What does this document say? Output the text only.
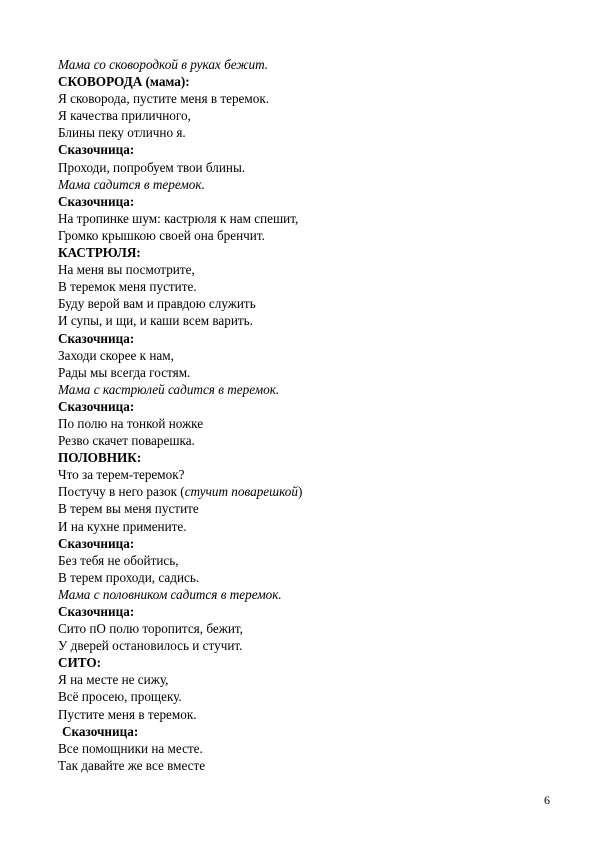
Мама со сковородкой в руках бежит.
СКОВОРОДА (мама):
Я сковорода, пустите меня в теремок.
Я качества приличного,
Блины пеку отлично я.
Сказочница:
Проходи, попробуем твои блины.
Мама садится в теремок.
Сказочница:
На тропинке шум: кастрюля к нам спешит,
Громко крышкою своей она бренчит.
КАСТРЮЛЯ:
На меня вы посмотрите,
В теремок меня пустите.
Буду верой вам и правдою служить
И супы, и щи, и каши всем варить.
Сказочница:
Заходи скорее к нам,
Рады мы всегда гостям.
Мама с кастрюлей садится в теремок.
Сказочница:
По полю на тонкой ножке
Резво скачет поварешка.
ПОЛОВНИК:
Что за терем-теремок?
Постучу в него разок (стучит поварешкой)
В терем вы меня пустите
И на кухне примените.
Сказочница:
Без тебя не обойтись,
В терем проходи, садись.
Мама с половником садится в теремок.
Сказочница:
Сито пО полю торопится, бежит,
У дверей остановилось и стучит.
СИТО:
Я на месте не сижу,
Всё просею, прощеку.
Пустите меня в теремок.
Сказочница:
Все помощники на месте.
Так давайте же все вместе
6
